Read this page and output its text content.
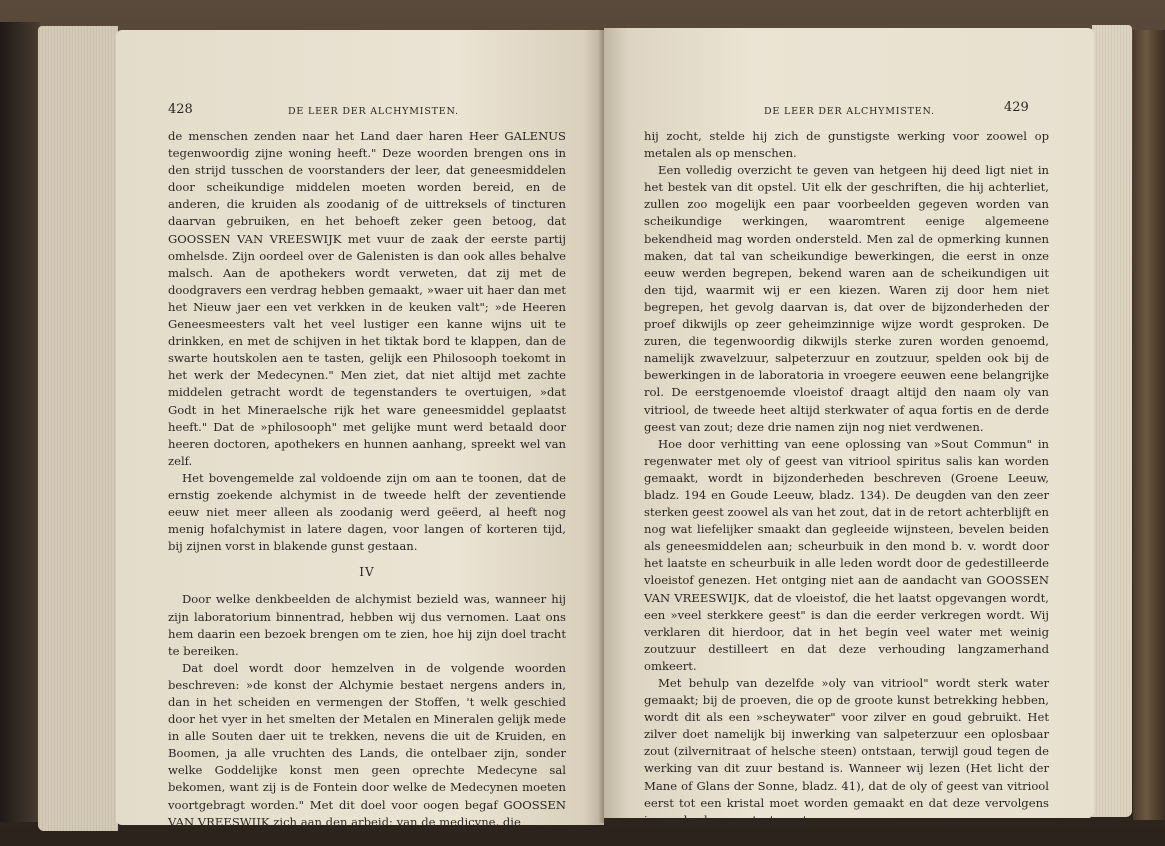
428	DE LEER DER ALCHYMISTEN.

de menschen zenden naar het Land daer haren Heer GALENUS tegenwoordig zijne woning heeft." Deze woorden brengen ons in den strijd tusschen de voorstanders der leer, dat geneesmiddelen door scheikundige middelen moeten worden bereid, en de anderen, die kruiden als zoodanig of de uittreksels of tincturen daarvan gebruiken, en het behoeft zeker geen betoog, dat GOOSSEN VAN VREESWIJK met vuur de zaak der eerste partij omhelsde. Zijn oordeel over de Galenisten is dan ook alles behalve malsch. Aan de apothekers wordt verweten, dat zij met de doodgravers een verdrag hebben gemaakt, »waer uit haer dan met het Nieuw jaer een vet verkken in de keuken valt"; »de Heeren Geneesmeesters valt het veel lustiger een kanne wijns uit te drinkken, en met de schijven in het tiktak bord te klappen, dan de swarte houtskolen aen te tasten, gelijk een Philosooph toekomt in het werk der Medecynen." Men ziet, dat niet altijd met zachte middelen getracht wordt de tegenstanders te overtuigen, »dat Godt in het Mineraelsche rijk het ware geneesmiddel geplaatst heeft." Dat de »philosooph" met gelijke munt werd betaald door heeren doctoren, apothekers en hunnen aanhang, spreekt wel van zelf.

Het bovengemelde zal voldoende zijn om aan te toonen, dat de ernstig zoekende alchymist in de tweede helft der zeventiende eeuw niet meer alleen als zoodanig werd geëerd, al heeft nog menig hofalchymist in latere dagen, voor langen of korteren tijd, bij zijnen vorst in blakende gunst gestaan.

IV

Door welke denkbeelden de alchymist bezield was, wanneer hij zijn laboratorium binnentrad, hebben wij dus vernomen. Laat ons hem daarin een bezoek brengen om te zien, hoe hij zijn doel tracht te bereiken.

Dat doel wordt door hemzelven in de volgende woorden beschreven: »de konst der Alchymie bestaet nergens anders in, dan in het scheiden en vermengen der Stoffen, 't welk geschied door het vyer in het smelten der Metalen en Mineralen gelijk mede in alle Souten daer uit te trekken, nevens die uit de Kruiden, en Boomen, ja alle vruchten des Lands, die ontelbaer zijn, sonder welke Goddelijke konst men geen oprechte Medecyne sal bekomen, want zij is de Fontein door welke de Medecynen moeten voortgebragt worden." Met dit doel voor oogen begaf GOOSSEN VAN VREESWIJK zich aan den arbeid; van de medicyne, die

DE LEER DER ALCHYMISTEN.	429

hij zocht, stelde hij zich de gunstigste werking voor zoowel op metalen als op menschen.

Een volledig overzicht te geven van hetgeen hij deed ligt niet in het bestek van dit opstel. Uit elk der geschriften, die hij achterliet, zullen zoo mogelijk een paar voorbeelden gegeven worden van scheikundige werkingen, waaromtrent eenige algemeene bekendheid mag worden ondersteld. Men zal de opmerking kunnen maken, dat tal van scheikundige bewerkingen, die eerst in onze eeuw werden begrepen, bekend waren aan de scheikundigen uit den tijd, waarmit wij er een kiezen. Waren zij door hem niet begrepen, het gevolg daarvan is, dat over de bijzonderheden der proef dikwijls op zeer geheimzinnige wijze wordt gesproken. De zuren, die tegenwoordig dikwijls sterke zuren worden genoemd, namelijk zwavelzuur, salpeterzuur en zoutzuur, spelden ook bij de bewerkingen in de laboratoria in vroegere eeuwen eene belangrijke rol. De eerstgenoemde vloeistof draagt altijd den naam oly van vitriool, de tweede heet altijd sterkwater of aqua fortis en de derde geest van zout; deze drie namen zijn nog niet verdwenen.

Hoe door verhitting van eene oplossing van »Sout Commun" in regenwater met oly of geest van vitriool spiritus salis kan worden gemaakt, wordt in bijzonderheden beschreven (Groene Leeuw, bladz. 194 en Goude Leeuw, bladz. 134). De deugden van den zeer sterken geest zoowel als van het zout, dat in de retort achterblijft en nog wat liefelijker smaakt dan gegleeide wijnsteen, bevelen beiden als geneesmiddelen aan; scheurbuik in den mond b. v. wordt door het laatste en scheurbuik in alle leden wordt door de gedestilleerde vloeistof genezen. Het ontging niet aan de aandacht van GOOSSEN VAN VREESWIJK, dat de vloeistof, die het laatst opgevangen wordt, een »veel sterkkere geest" is dan die eerder verkregen wordt. Wij verklaren dit hierdoor, dat in het begin veel water met weinig zoutzuur destilleert en dat deze verhouding langzamerhand omkeert.

Met behulp van dezelfde »oly van vitriool" wordt sterk water gemaakt; bij de proeven, die op de groote kunst betrekking hebben, wordt dit als een »scheywater" voor zilver en goud gebruikt. Het zilver doet namelijk bij inwerking van salpeterzuur een oplosbaar zout (zilvernitraat of helsche steen) ontstaan, terwijl goud tegen de werking van dit zuur bestand is. Wanneer wij lezen (Het licht der Mane of Glans der Sonne, bladz. 41), dat de oly of geest van vitriool eerst tot een kristal moet worden gemaakt en dat deze vervolgens in een beslagen retorte met
